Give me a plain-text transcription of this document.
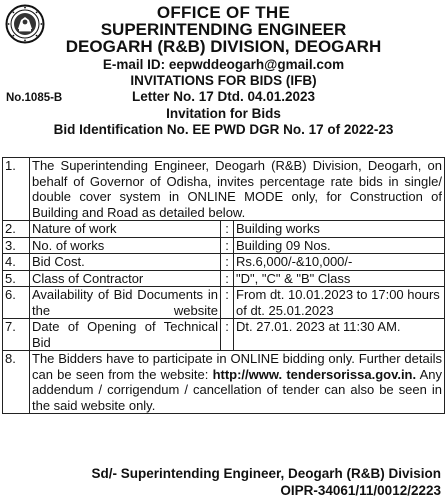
OFFICE OF THE
SUPERINTENDING ENGINEER
DEOGARH (R&B) DIVISION, DEOGARH
E-mail ID: eepwddeogarh@gmail.com
INVITATIONS FOR BIDS (IFB)
Letter No. 17 Dtd. 04.01.2023
Invitation for Bids
Bid Identification No. EE PWD DGR No. 17 of 2022-23
No.1085-B
1.	The Superintending Engineer, Deogarh (R&B) Division, Deogarh, on behalf of Governor of Odisha, invites percentage rate bids in single/ double cover system in ONLINE MODE only, for Construction of Building and Road as detailed below.		
2.	Nature of work	:	Building works
3.	No. of works	:	Building 09 Nos.
4.	Bid Cost.	:	Rs.6,000/-&10,000/-
5.	Class of Contractor	:	"D", "C" & "B" Class
6.	Availability of Bid Documents in the website	:	From dt. 10.01.2023 to 17:00 hours of dt. 25.01.2023
7.	Date of Opening of Technical Bid	:	Dt. 27.01. 2023 at 11:30 AM.
8.	The Bidders have to participate in ONLINE bidding only. Further details can be seen from the website: http://www. tendersorissa.gov.in. Any addendum / corrigendum / cancellation of tender can also be seen in the said website only.		
Sd/- Superintending Engineer, Deogarh (R&B) Division
OIPR-34061/11/0012/2223
